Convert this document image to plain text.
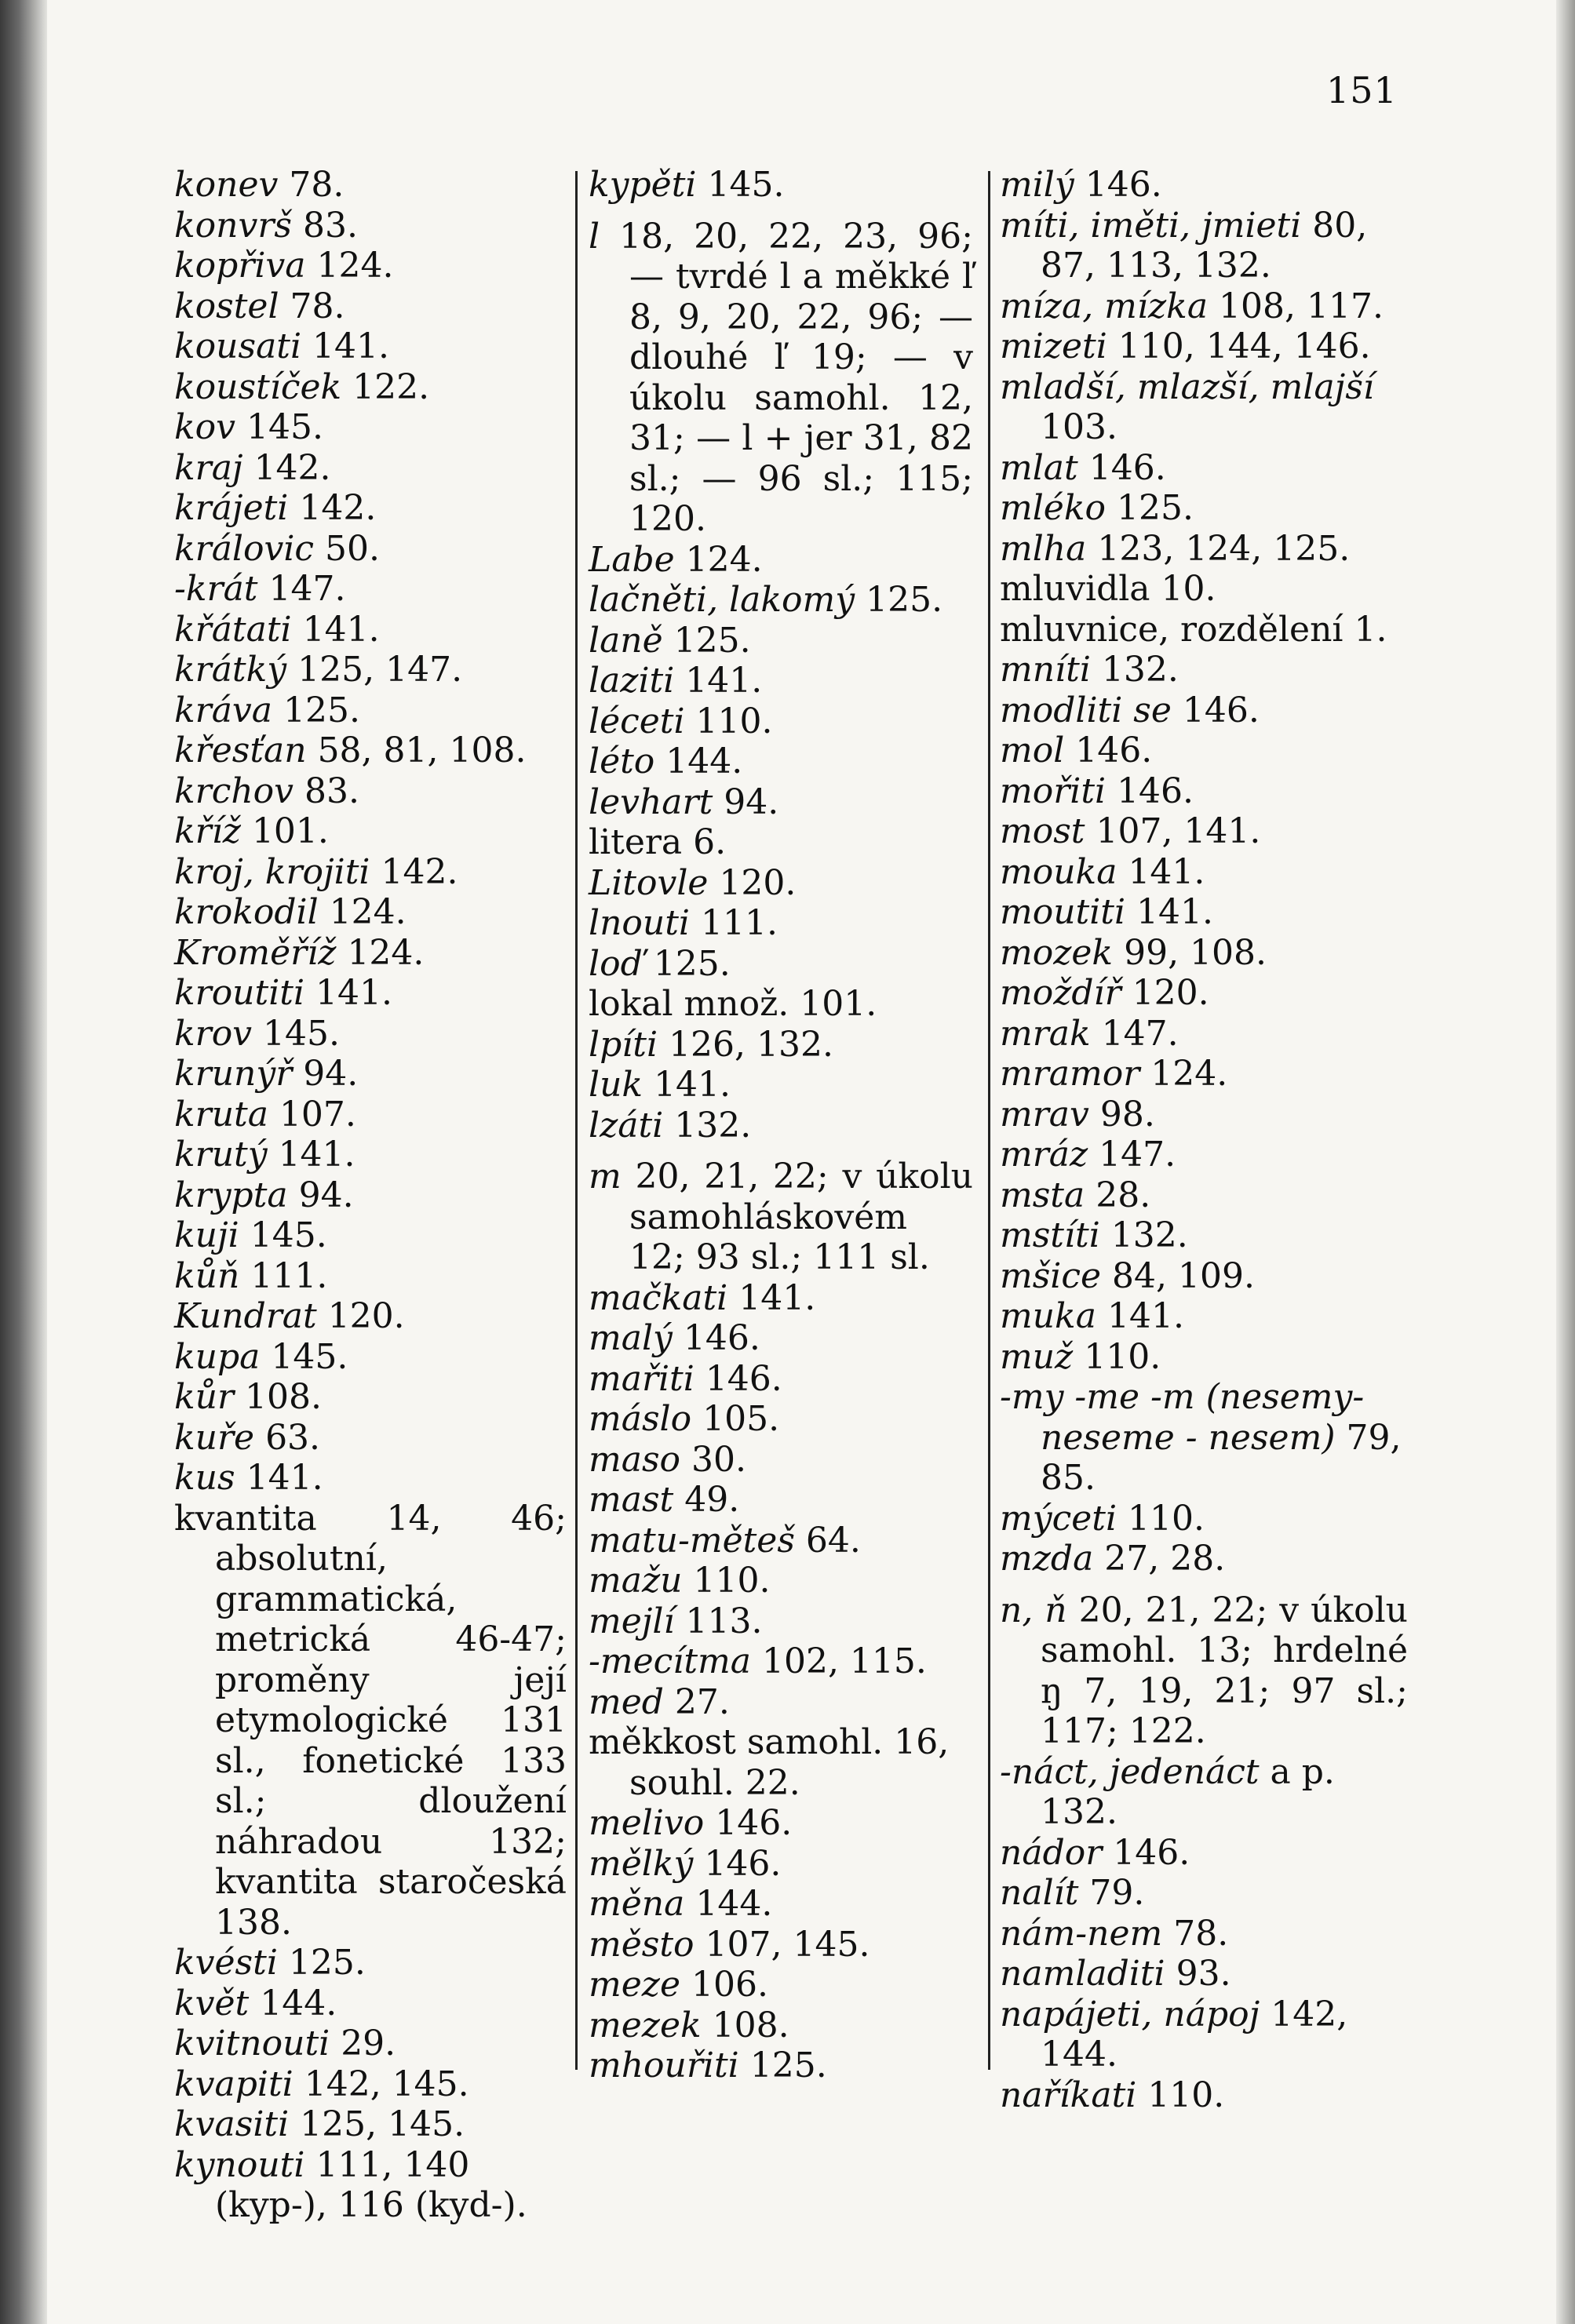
151
konev 78.
konvrš 83.
kopřiva 124.
kostel 78.
kousati 141.
koustíček 122.
kov 145.
kraj 142.
krájeti 142.
královic 50.
-krát 147.
křátati 141.
krátký 125, 147.
kráva 125.
křesťan 58, 81, 108.
krchov 83.
kříž 101.
kroj, krojiti 142.
krokodil 124.
Kroměříž 124.
kroutiti 141.
krov 145.
krunýř 94.
kruta 107.
krutý 141.
krypta 94.
kuji 145.
kůň 111.
Kundrat 120.
kupa 145.
kůr 108.
kuře 63.
kus 141.
kvantita 14, 46; absolutní, grammatická, metrická 46-47; proměny její etymologické 131 sl., fonetické 133 sl.; dloužení náhradou 132; kvantita staročeská 138.
kvésti 125.
květ 144.
kvitnouti 29.
kvapiti 142, 145.
kvasiti 125, 145.
kynouti 111, 140 (kyp-), 116 (kyd-).
kypěti 145.
l 18, 20, 22, 23, 96; — tvrdé l a měkké ľ 8, 9, 20, 22, 96; — dlouhé ľ 19; — v úkolu samohl. 12, 31; — l + jer 31, 82 sl.; — 96 sl.; 115; 120.
Labe 124.
lačněti, lakomý 125.
laně 125.
laziti 141.
léceti 110.
léto 144.
levhart 94.
litera 6.
Litovle 120.
lnouti 111.
loď 125.
lokal množ. 101.
lpíti 126, 132.
luk 141.
lzáti 132.
m 20, 21, 22; v úkolu samohláskovém 12; 93 sl.; 111 sl.
mačkati 141.
malý 146.
mařiti 146.
máslo 105.
maso 30.
mast 49.
matu-měteš 64.
mažu 110.
mejlí 113.
-mecítma 102, 115.
med 27.
měkkost samohl. 16, souhl. 22.
melivo 146.
mělký 146.
měna 144.
město 107, 145.
meze 106.
mezek 108.
mhouřiti 125.
milý 146.
míti, iměti, jmieti 80, 87, 113, 132.
míza, mízka 108, 117.
mizeti 110, 144, 146.
mladší, mlazší, mlajší 103.
mlat 146.
mléko 125.
mlha 123, 124, 125.
mluvidla 10.
mluvnice, rozdělení 1.
mníti 132.
modliti se 146.
mol 146.
mořiti 146.
most 107, 141.
mouka 141.
moutiti 141.
mozek 99, 108.
moždíř 120.
mrak 147.
mramor 124.
mrav 98.
mráz 147.
msta 28.
mstíti 132.
mšice 84, 109.
muka 141.
muž 110.
-my -me -m (nesemy-neseme - nesem) 79, 85.
mýceti 110.
mzda 27, 28.
n, ň 20, 21, 22; v úkolu samohl. 13; hrdelné ŋ 7, 19, 21; 97 sl.; 117; 122.
-náct, jedenáct a p. 132.
nádor 146.
nalít 79.
nám-nem 78.
namladiti 93.
napájeti, nápoj 142, 144.
naříkati 110.
